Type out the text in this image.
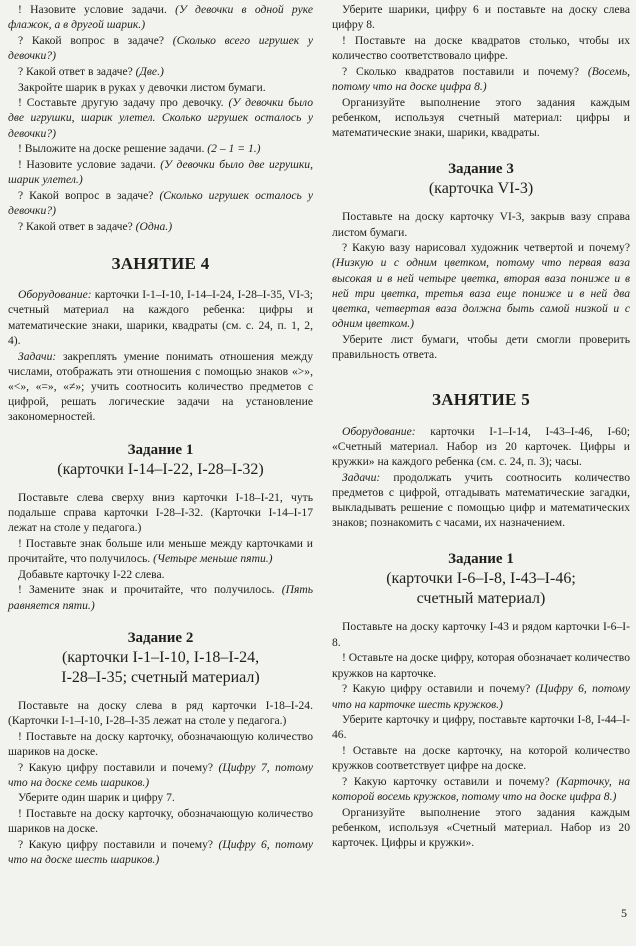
! Назовите условие задачи. (У девочки в одной руке флажок, а в другой шарик.)

? Какой вопрос в задаче? (Сколько всего игрушек у девочки?)

? Какой ответ в задаче? (Две.)

Закройте шарик в руках у девочки листом бумаги.

! Составьте другую задачу про девочку. (У девочки было две игрушки, шарик улетел. Сколько игрушек осталось у девочки?)

! Выложите на доске решение задачи. (2 – 1 = 1.)

! Назовите условие задачи. (У девочки было две игрушки, шарик улетел.)

? Какой вопрос в задаче? (Сколько игрушек осталось у девочки?)

? Какой ответ в задаче? (Одна.)

ЗАНЯТИЕ 4

Оборудование: карточки I-1–I-10, I-14–I-24, I-28–I-35, VI-3; счетный материал на каждого ребенка: цифры и математические знаки, шарики, квадраты (см. с. 24, п. 1, 2, 4).

Задачи: закреплять умение понимать отношения между числами, отображать эти отношения с помощью знаков «>», «<», «=», «≠»; учить соотносить количество предметов с цифрой, решать логические задачи на установление закономерностей.

Задание 1
(карточки I-14–I-22, I-28–I-32)

Поставьте слева сверху вниз карточки I-18–I-21, чуть подальше справа карточки I-28–I-32. (Карточки I-14–I-17 лежат на столе у педагога.)

! Поставьте знак больше или меньше между карточками и прочитайте, что получилось. (Четыре меньше пяти.)

Добавьте карточку I-22 слева.

! Замените знак и прочитайте, что получилось. (Пять равняется пяти.)

Задание 2
(карточки I-1–I-10, I-18–I-24,
I-28–I-35; счетный материал)

Поставьте на доску слева в ряд карточки I-18–I-24. (Карточки I-1–I-10, I-28–I-35 лежат на столе у педагога.)

! Поставьте на доску карточку, обозначающую количество шариков на доске.

? Какую цифру поставили и почему? (Цифру 7, потому что на доске семь шариков.)

Уберите один шарик и цифру 7.

! Поставьте на доску карточку, обозначающую количество шариков на доске.

? Какую цифру поставили и почему? (Цифру 6, потому что на доске шесть шариков.)

Уберите шарики, цифру 6 и поставьте на доску слева цифру 8.

! Поставьте на доске квадратов столько, чтобы их количество соответствовало цифре.

? Сколько квадратов поставили и почему? (Восемь, потому что на доске цифра 8.)

Организуйте выполнение этого задания каждым ребенком, используя счетный материал: цифры и математические знаки, шарики, квадраты.

Задание 3
(карточка VI-3)

Поставьте на доску карточку VI-3, закрыв вазу справа листом бумаги.

? Какую вазу нарисовал художник четвертой и почему? (Низкую и с одним цветком, потому что первая ваза высокая и в ней четыре цветка, вторая ваза пониже и в ней три цветка, третья ваза еще пониже и в ней два цветка, четвертая ваза должна быть самой низкой и с одним цветком.)

Уберите лист бумаги, чтобы дети смогли проверить правильность ответа.

ЗАНЯТИЕ 5

Оборудование: карточки I-1–I-14, I-43–I-46, I-60; «Счетный материал. Набор из 20 карточек. Цифры и кружки» на каждого ребенка (см. с. 24, п. 3); часы.

Задачи: продолжать учить соотносить количество предметов с цифрой, отгадывать математические загадки, выкладывать решение с помощью цифр и математических знаков; познакомить с часами, их назначением.

Задание 1
(карточки I-6–I-8, I-43–I-46;
счетный материал)

Поставьте на доску карточку I-43 и рядом карточки I-6–I-8.

! Оставьте на доске цифру, которая обозначает количество кружков на карточке.

? Какую цифру оставили и почему? (Цифру 6, потому что на карточке шесть кружков.)

Уберите карточку и цифру, поставьте карточки I-8, I-44–I-46.

! Оставьте на доске карточку, на которой количество кружков соответствует цифре на доске.

? Какую карточку оставили и почему? (Карточку, на которой восемь кружков, потому что на доске цифра 8.)

Организуйте выполнение этого задания каждым ребенком, используя «Счетный материал. Набор из 20 карточек. Цифры и кружки».

5
